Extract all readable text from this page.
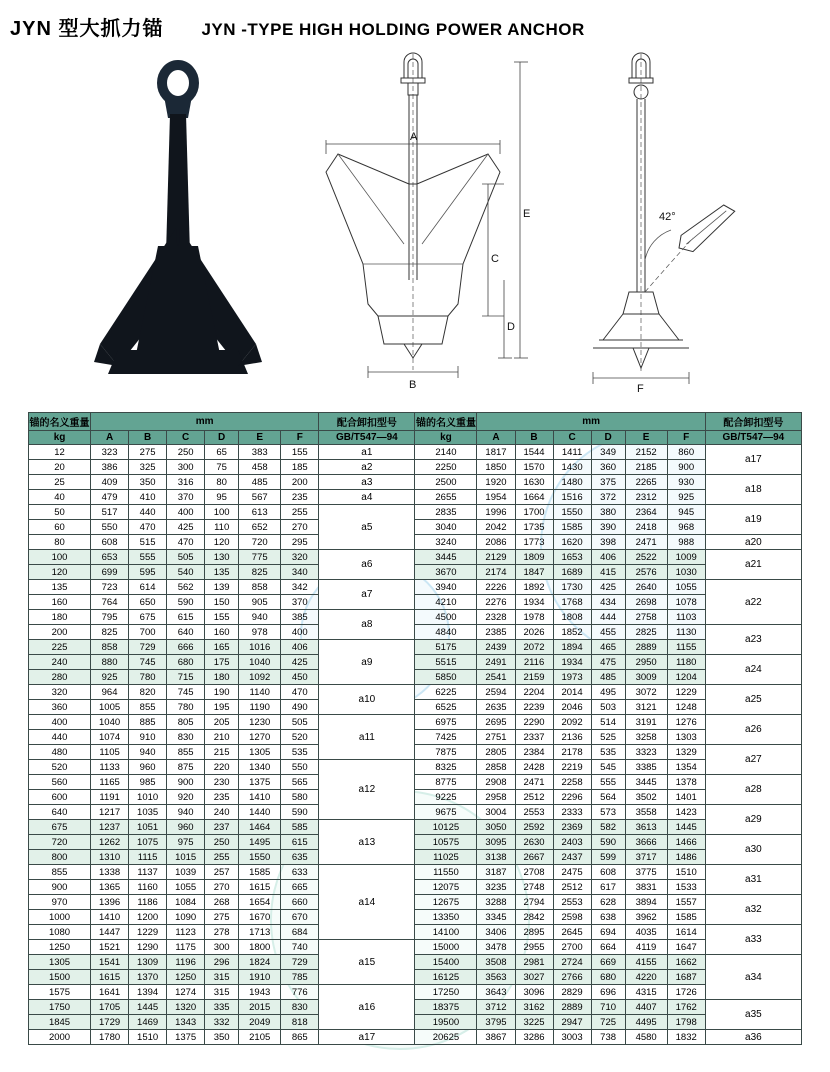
JYN 型大抓力锚 JYN -TYPE HIGH HOLDING POWER ANCHOR
A
B
C
D
E	42°
F
锚的名义重量	mm						配合卸扣型号	锚的名义重量	mm						配合卸扣型号
kg	A	B	C	D	E	F	GB/T547—94	kg	A	B	C	D	E	F	GB/T547—94
12	323	275	250	65	383	155	a1	2140	1817	1544	1411	349	2152	860	a17
20	386	325	300	75	458	185	a2	2250	1850	1570	1430	360	2185	900	
25	409	350	316	80	485	200	a3	2500	1920	1630	1480	375	2265	930	a18
40	479	410	370	95	567	235	a4	2655	1954	1664	1516	372	2312	925	
50	517	440	400	100	613	255	a5	2835	1996	1700	1550	380	2364	945	a19
60	550	470	425	110	652	270		3040	2042	1735	1585	390	2418	968	
80	608	515	470	120	720	295		3240	2086	1773	1620	398	2471	988	a20
100	653	555	505	130	775	320	a6	3445	2129	1809	1653	406	2522	1009	a21
120	699	595	540	135	825	340		3670	2174	1847	1689	415	2576	1030	
135	723	614	562	139	858	342	a7	3940	2226	1892	1730	425	2640	1055	a22
160	764	650	590	150	905	370		4210	2276	1934	1768	434	2698	1078	
180	795	675	615	155	940	385	a8	4500	2328	1978	1808	444	2758	1103	
200	825	700	640	160	978	400		4840	2385	2026	1852	455	2825	1130	a23
225	858	729	666	165	1016	406	a9	5175	2439	2072	1894	465	2889	1155	
240	880	745	680	175	1040	425		5515	2491	2116	1934	475	2950	1180	a24
280	925	780	715	180	1092	450		5850	2541	2159	1973	485	3009	1204	
320	964	820	745	190	1140	470	a10	6225	2594	2204	2014	495	3072	1229	a25
360	1005	855	780	195	1190	490		6525	2635	2239	2046	503	3121	1248	
400	1040	885	805	205	1230	505	a11	6975	2695	2290	2092	514	3191	1276	a26
440	1074	910	830	210	1270	520		7425	2751	2337	2136	525	3258	1303	
480	1105	940	855	215	1305	535		7875	2805	2384	2178	535	3323	1329	a27
520	1133	960	875	220	1340	550	a12	8325	2858	2428	2219	545	3385	1354	
560	1165	985	900	230	1375	565		8775	2908	2471	2258	555	3445	1378	a28
600	1191	1010	920	235	1410	580		9225	2958	2512	2296	564	3502	1401	
640	1217	1035	940	240	1440	590		9675	3004	2553	2333	573	3558	1423	a29
675	1237	1051	960	237	1464	585	a13	10125	3050	2592	2369	582	3613	1445	
720	1262	1075	975	250	1495	615		10575	3095	2630	2403	590	3666	1466	a30
800	1310	1115	1015	255	1550	635		11025	3138	2667	2437	599	3717	1486	
855	1338	1137	1039	257	1585	633	a14	11550	3187	2708	2475	608	3775	1510	a31
900	1365	1160	1055	270	1615	665		12075	3235	2748	2512	617	3831	1533	
970	1396	1186	1084	268	1654	660		12675	3288	2794	2553	628	3894	1557	a32
1000	1410	1200	1090	275	1670	670		13350	3345	2842	2598	638	3962	1585	
1080	1447	1229	1123	278	1713	684		14100	3406	2895	2645	694	4035	1614	a33
1250	1521	1290	1175	300	1800	740	a15	15000	3478	2955	2700	664	4119	1647	
1305	1541	1309	1196	296	1824	729		15400	3508	2981	2724	669	4155	1662	a34
1500	1615	1370	1250	315	1910	785		16125	3563	3027	2766	680	4220	1687	
1575	1641	1394	1274	315	1943	776	a16	17250	3643	3096	2829	696	4315	1726	
1750	1705	1445	1320	335	2015	830		18375	3712	3162	2889	710	4407	1762	a35
1845	1729	1469	1343	332	2049	818		19500	3795	3225	2947	725	4495	1798	
2000	1780	1510	1375	350	2105	865	a17	20625	3867	3286	3003	738	4580	1832	a36
